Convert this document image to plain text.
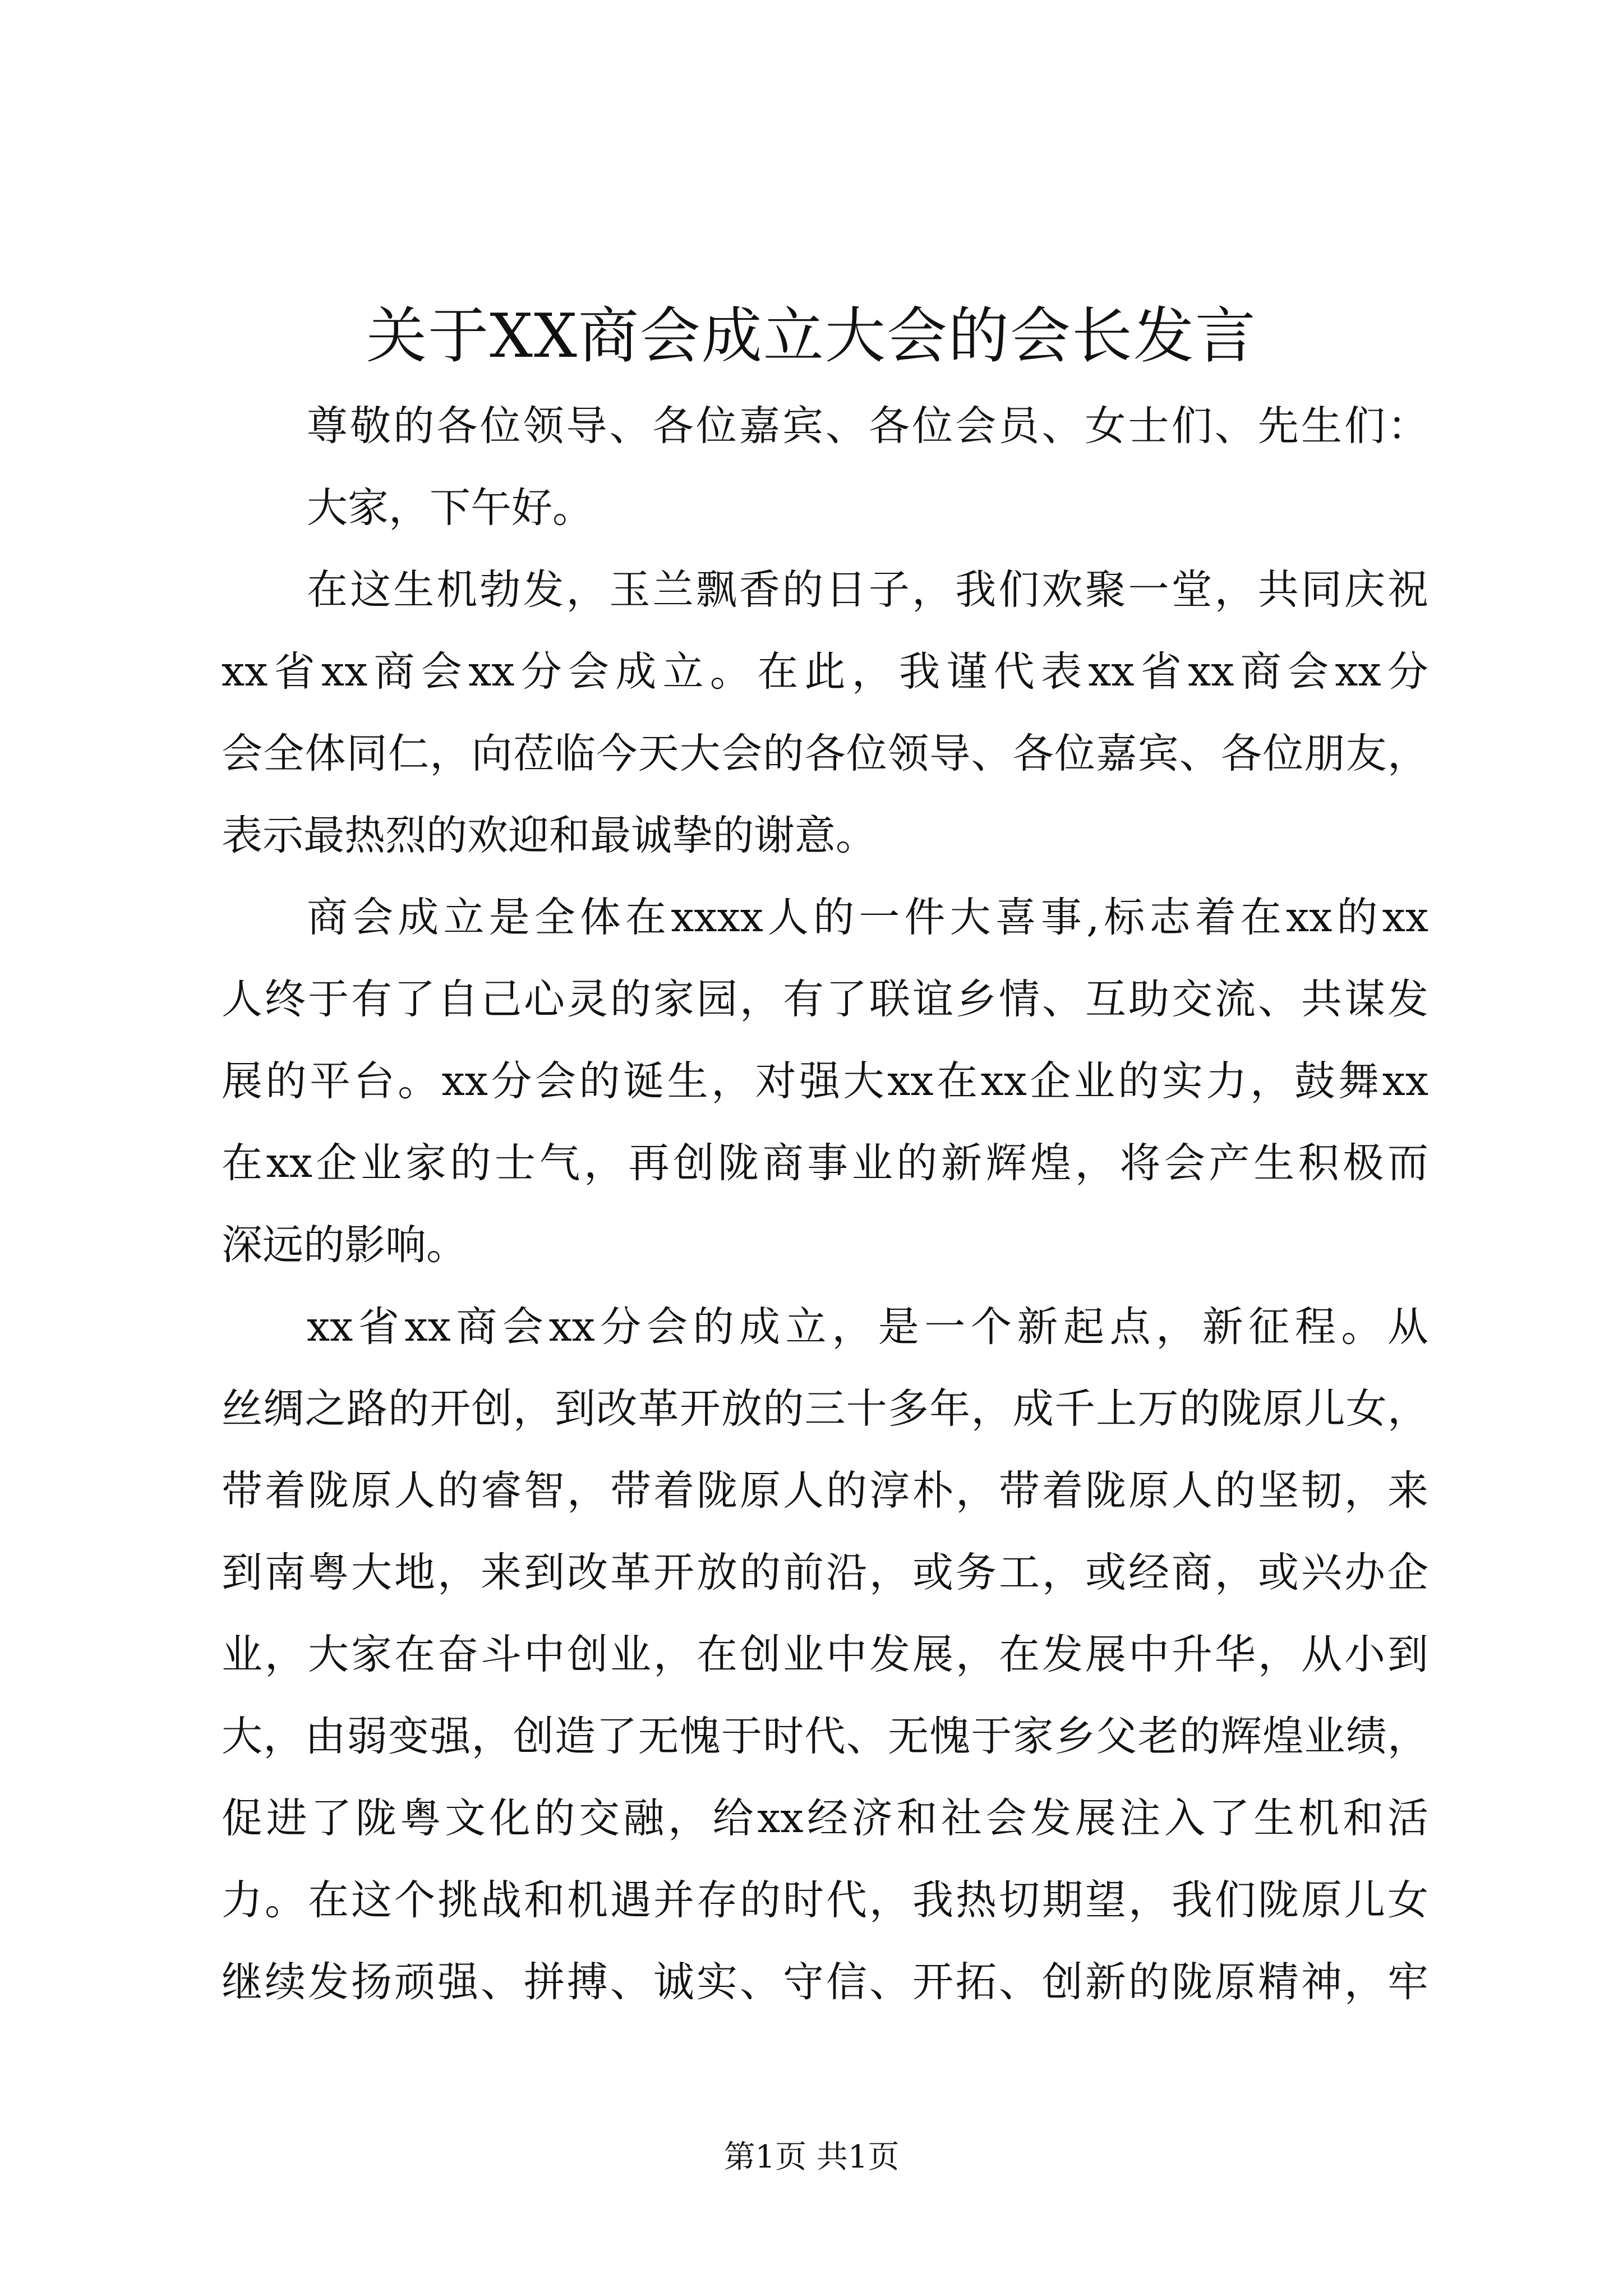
关于XX商会成立大会的会长发言
尊敬的各位领导、各位嘉宾、各位会员、女士们、先生们：
大家，下午好。
在这生机勃发，玉兰飘香的日子，我们欢聚一堂，共同庆祝
xx省xx商会xx分会成立。在此，我谨代表xx省xx商会xx分
会全体同仁，向莅临今天大会的各位领导、各位嘉宾、各位朋友，
表示最热烈的欢迎和最诚挚的谢意。
商会成立是全体在xxxx人的一件大喜事,标志着在xx的xx
人终于有了自己心灵的家园，有了联谊乡情、互助交流、共谋发
展的平台。xx分会的诞生，对强大xx在xx企业的实力，鼓舞xx
在xx企业家的士气，再创陇商事业的新辉煌，将会产生积极而
深远的影响。
xx省xx商会xx分会的成立，是一个新起点，新征程。从
丝绸之路的开创，到改革开放的三十多年，成千上万的陇原儿女，
带着陇原人的睿智，带着陇原人的淳朴，带着陇原人的坚韧，来
到南粤大地，来到改革开放的前沿，或务工，或经商，或兴办企
业，大家在奋斗中创业，在创业中发展，在发展中升华，从小到
大，由弱变强，创造了无愧于时代、无愧于家乡父老的辉煌业绩，
促进了陇粤文化的交融，给xx经济和社会发展注入了生机和活
力。在这个挑战和机遇并存的时代，我热切期望，我们陇原儿女
继续发扬顽强、拼搏、诚实、守信、开拓、创新的陇原精神，牢
第1页 共1页
